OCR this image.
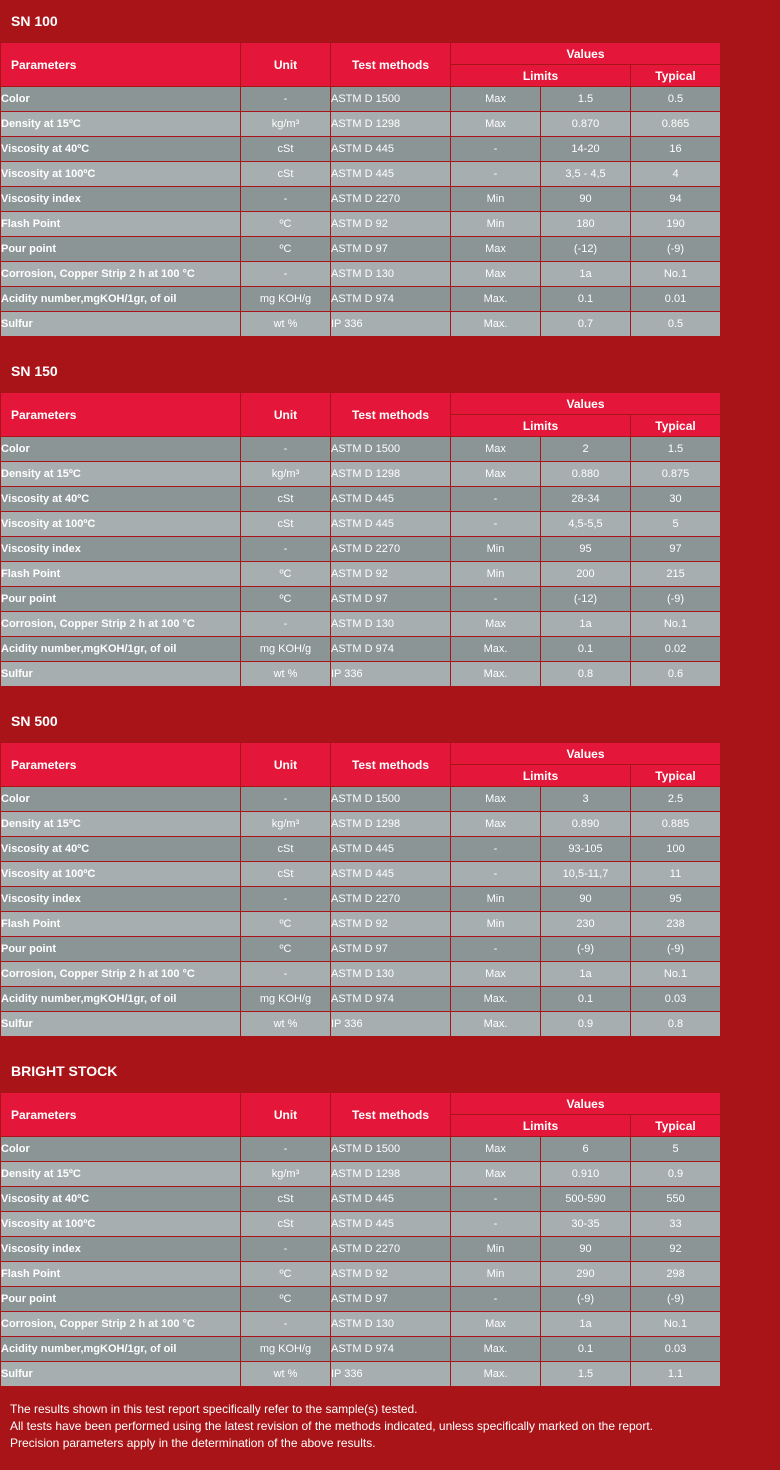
SN 100
Parameters	Unit	Test methods	Values		
			Limits		Typical
Color	-	ASTM D 1500	Max	1.5	0.5
Density at 15ºC	kg/m³	ASTM D 1298	Max	0.870	0.865
Viscosity at 40ºC	cSt	ASTM D 445	-	14-20	16
Viscosity at 100ºC	cSt	ASTM D 445	-	3,5 - 4,5	4
Viscosity index	-	ASTM D 2270	Min	90	94
Flash Point	ºC	ASTM D 92	Min	180	190
Pour point	ºC	ASTM D 97	Max	(-12)	(-9)
Corrosion, Copper Strip 2 h at 100 °C	-	ASTM D 130	Max	1a	No.1
Acidity number,mgKOH/1gr, of oil	mg KOH/g	ASTM D 974	Max.	0.1	0.01
Sulfur	wt %	IP 336	Max.	0.7	0.5
SN 150
Parameters	Unit	Test methods	Values		
			Limits		Typical
Color	-	ASTM D 1500	Max	2	1.5
Density at 15ºC	kg/m³	ASTM D 1298	Max	0.880	0.875
Viscosity at 40ºC	cSt	ASTM D 445	-	28-34	30
Viscosity at 100ºC	cSt	ASTM D 445	-	4,5-5,5	5
Viscosity index	-	ASTM D 2270	Min	95	97
Flash Point	ºC	ASTM D 92	Min	200	215
Pour point	ºC	ASTM D 97	-	(-12)	(-9)
Corrosion, Copper Strip 2 h at 100 °C	-	ASTM D 130	Max	1a	No.1
Acidity number,mgKOH/1gr, of oil	mg KOH/g	ASTM D 974	Max.	0.1	0.02
Sulfur	wt %	IP 336	Max.	0.8	0.6
SN 500
Parameters	Unit	Test methods	Values		
			Limits		Typical
Color	-	ASTM D 1500	Max	3	2.5
Density at 15ºC	kg/m³	ASTM D 1298	Max	0.890	0.885
Viscosity at 40ºC	cSt	ASTM D 445	-	93-105	100
Viscosity at 100ºC	cSt	ASTM D 445	-	10,5-11,7	11
Viscosity index	-	ASTM D 2270	Min	90	95
Flash Point	ºC	ASTM D 92	Min	230	238
Pour point	ºC	ASTM D 97	-	(-9)	(-9)
Corrosion, Copper Strip 2 h at 100 °C	-	ASTM D 130	Max	1a	No.1
Acidity number,mgKOH/1gr, of oil	mg KOH/g	ASTM D 974	Max.	0.1	0.03
Sulfur	wt %	IP 336	Max.	0.9	0.8
BRIGHT STOCK
Parameters	Unit	Test methods	Values		
			Limits		Typical
Color	-	ASTM D 1500	Max	6	5
Density at 15ºC	kg/m³	ASTM D 1298	Max	0.910	0.9
Viscosity at 40ºC	cSt	ASTM D 445	-	500-590	550
Viscosity at 100ºC	cSt	ASTM D 445	-	30-35	33
Viscosity index	-	ASTM D 2270	Min	90	92
Flash Point	ºC	ASTM D 92	Min	290	298
Pour point	ºC	ASTM D 97	-	(-9)	(-9)
Corrosion, Copper Strip 2 h at 100 °C	-	ASTM D 130	Max	1a	No.1
Acidity number,mgKOH/1gr, of oil	mg KOH/g	ASTM D 974	Max.	0.1	0.03
Sulfur	wt %	IP 336	Max.	1.5	1.1
The results shown in this test report specifically refer to the sample(s) tested.
All tests have been performed using the latest revision of the methods indicated, unless specifically marked on the report.
Precision parameters apply in the determination of the above results.
